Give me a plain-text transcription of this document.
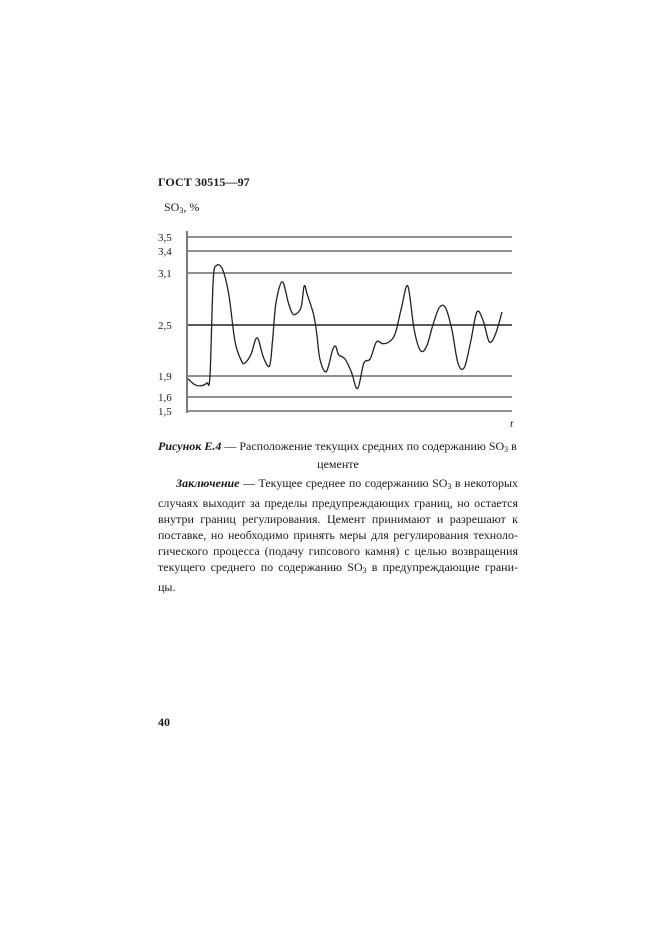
ГОСТ 30515—97
$SO_3$, %
3,5
3,4
3,1
2,5
1,9
1,6
1,5
t
Рисунок Е.4 — Расположение текущих средних по содержанию $SO_3$ в
цементе
Заключение — Текущее среднее по содержанию $SO_3$ в некоторых
случаях выходит за пределы предупреждающих границ, но остается
внутри границ регулирования. Цемент принимают и разрешают к
поставке, но необходимо принять меры для регулирования техноло-
гического процесса (подачу гипсового камня) с целью возвращения
текущего среднего по содержанию $SO_3$ в предупреждающие грани-
цы.
40
